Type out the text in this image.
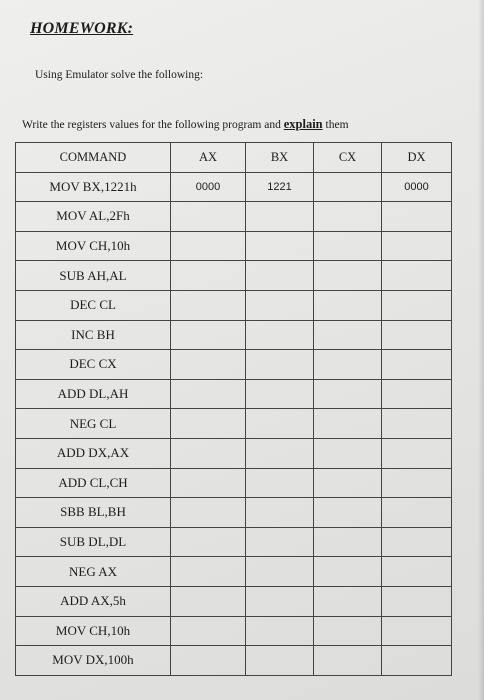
HOMEWORK:

Using Emulator solve the following:

Write the registers values for the following program and explain them

COMMAND	AX	BX	CX	DX
MOV BX,1221h	0000	1221		0000
MOV AL,2Fh				
MOV CH,10h				
SUB AH,AL				
DEC CL				
INC BH				
DEC CX				
ADD DL,AH				
NEG CL				
ADD DX,AX				
ADD CL,CH				
SBB BL,BH				
SUB DL,DL				
NEG AX				
ADD AX,5h				
MOV CH,10h				
MOV DX,100h				
